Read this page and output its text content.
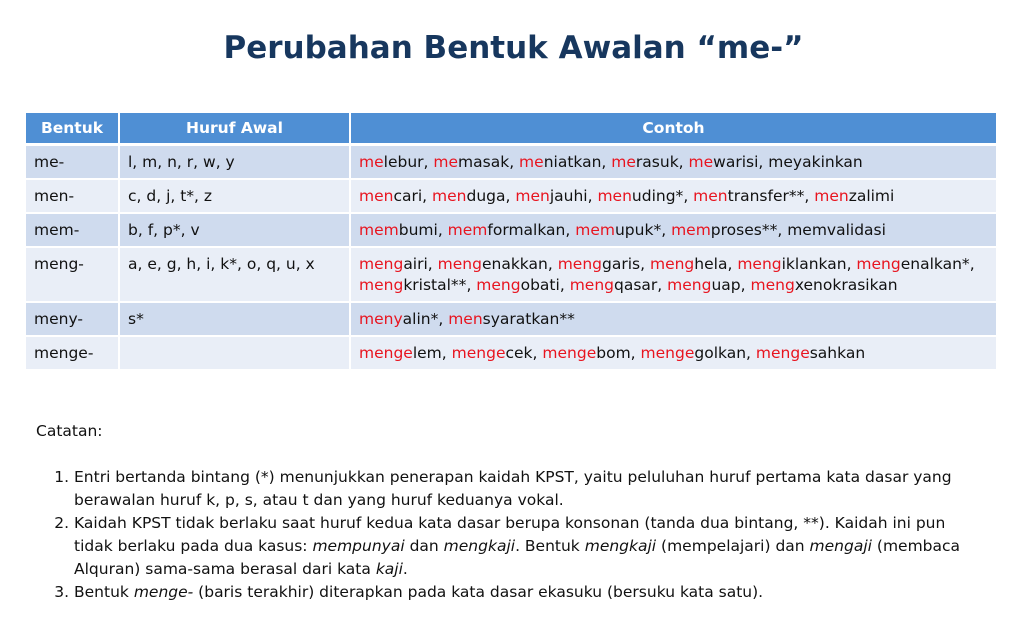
Perubahan Bentuk Awalan “me-”
Bentuk	Huruf Awal	Contoh
me-	l, m, n, r, w, y	melebur, memasak, meniatkan, merasuk, mewarisi, meyakinkan
men-	c, d, j, t*, z	mencari, menduga, menjauhi, menuding*, mentransfer**, menzalimi
mem-	b, f, p*, v	membumi, memformalkan, memupuk*, memproses**, memvalidasi
meng-	a, e, g, h, i, k*, o, q, u, x	mengairi, mengenakkan, menggaris, menghela, mengiklankan, mengenalkan*, mengkristal**, mengobati, mengqasar, menguap, mengxenokrasikan
meny-	s*	menyalin*, mensyaratkan**
menge-		mengelem, mengecek, mengebom, mengegolkan, mengesahkan
Catatan:
1. Entri bertanda bintang (*) menunjukkan penerapan kaidah KPST, yaitu peluluhan huruf pertama kata dasar yang berawalan huruf k, p, s, atau t dan yang huruf keduanya vokal.
2. Kaidah KPST tidak berlaku saat huruf kedua kata dasar berupa konsonan (tanda dua bintang, **). Kaidah ini pun tidak berlaku pada dua kasus: mempunyai dan mengkaji. Bentuk mengkaji (mempelajari) dan mengaji (membaca Alquran) sama-sama berasal dari kata kaji.
3. Bentuk menge- (baris terakhir) diterapkan pada kata dasar ekasuku (bersuku kata satu).
